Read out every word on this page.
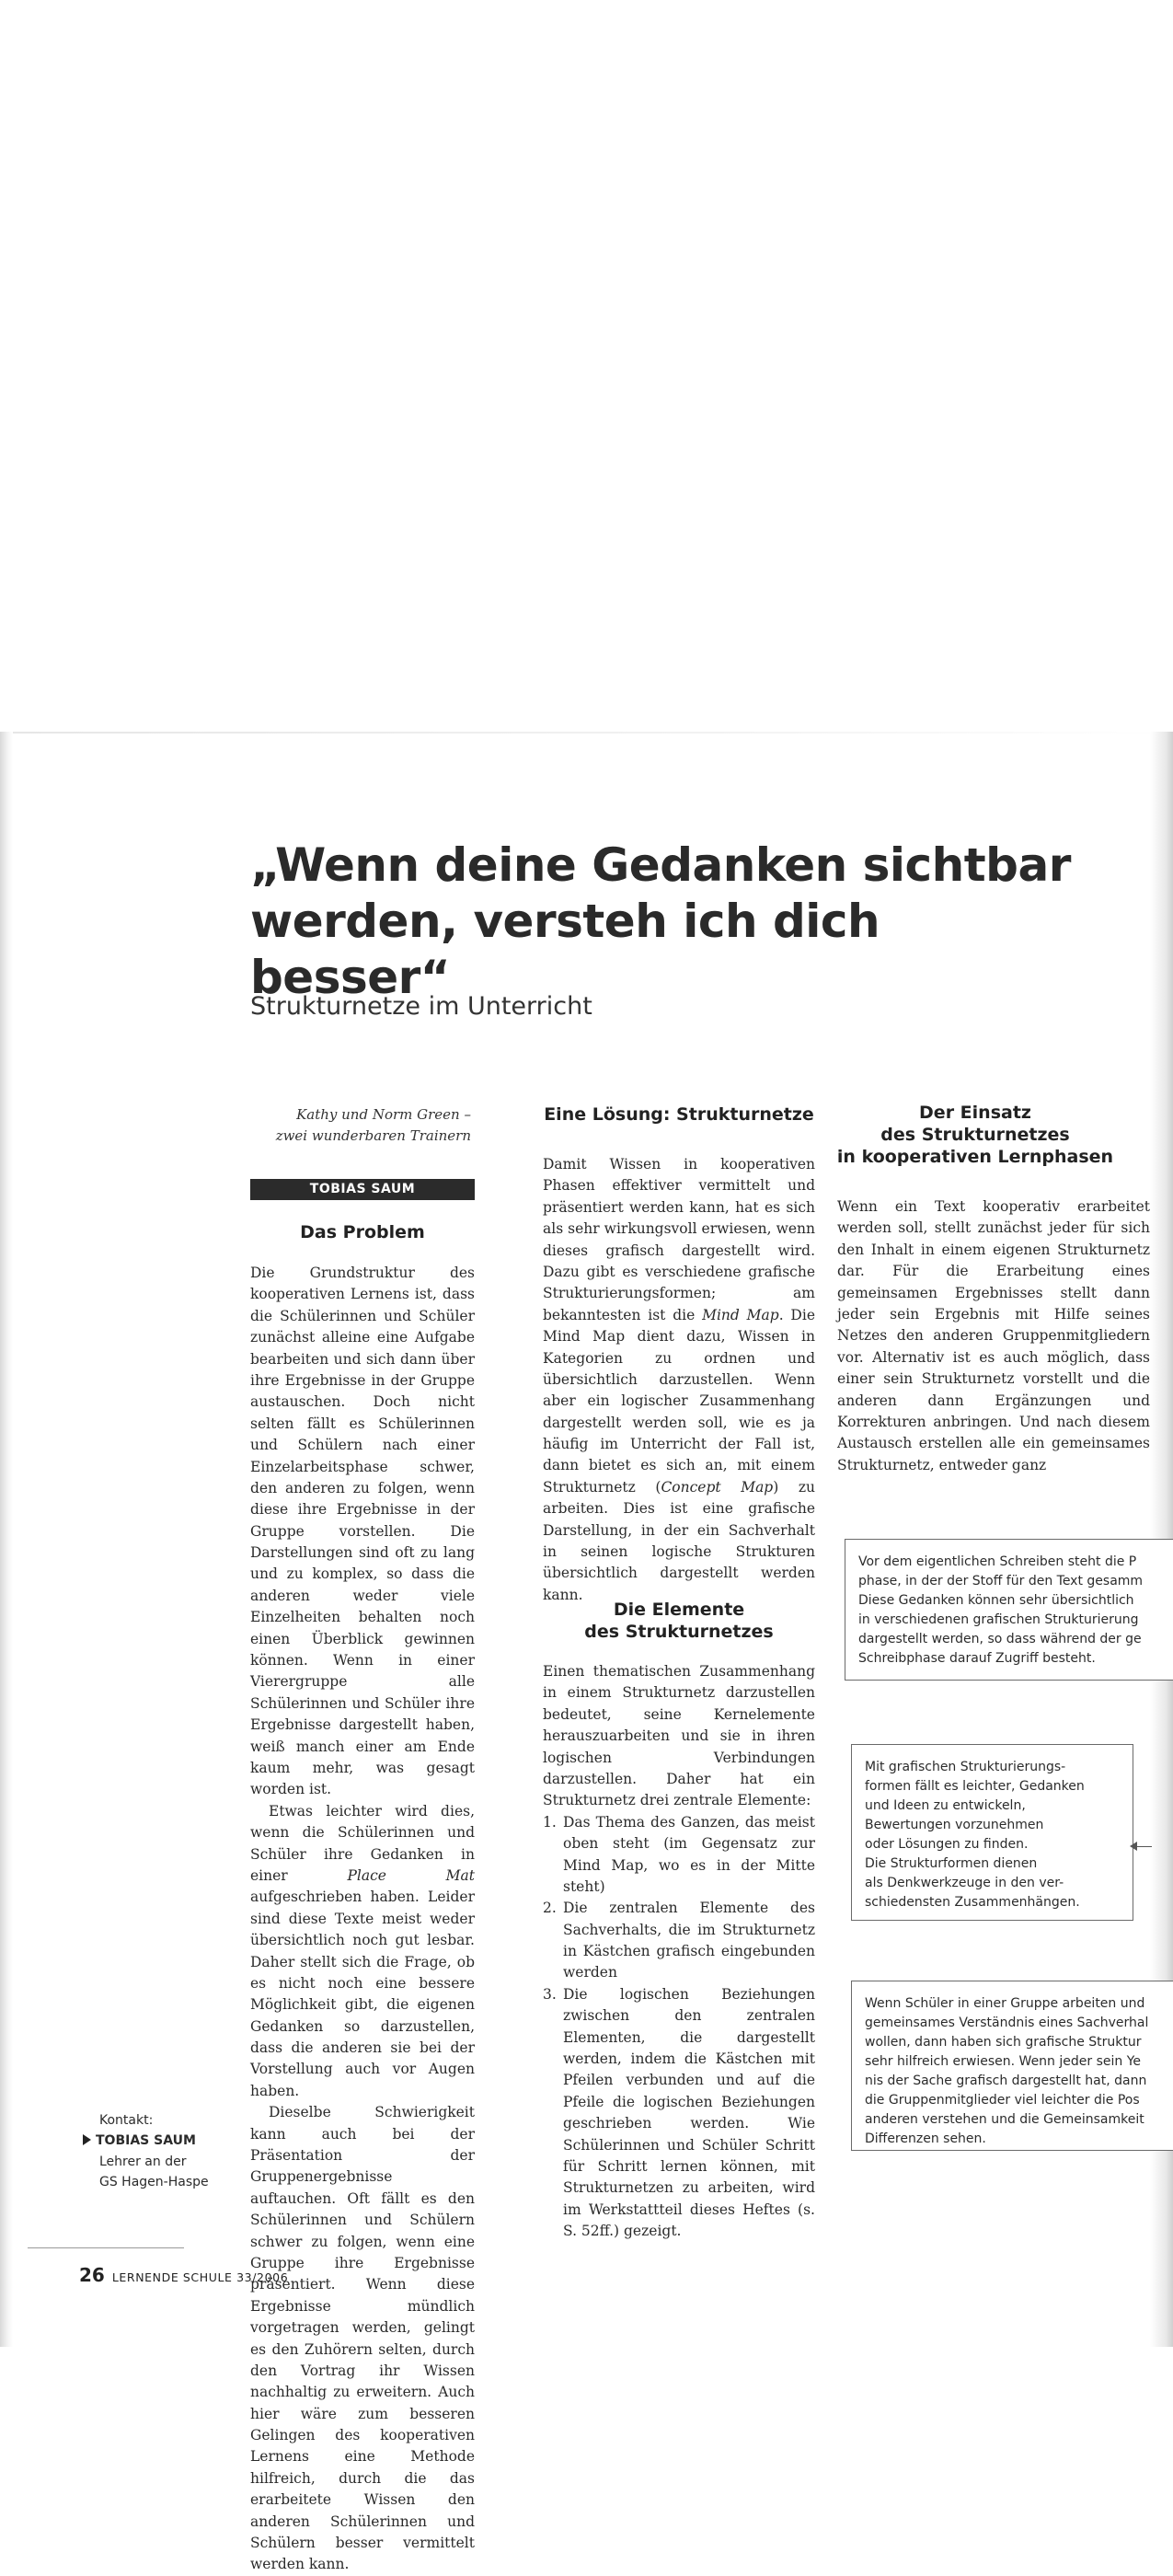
„Wenn deine Gedanken sichtbar
werden, versteh ich dich besser“
Strukturnetze im Unterricht
Kathy und Norm Green –
zwei wunderbaren Trainern
TOBIAS SAUM
Das Problem

Die Grundstruktur des kooperativen Lernens ist, dass die Schülerinnen und Schüler zunächst alleine eine Aufgabe bearbeiten und sich dann über ihre Ergebnisse in der Gruppe austauschen. Doch nicht selten fällt es Schülerinnen und Schülern nach einer Einzelarbeitsphase schwer, den anderen zu folgen, wenn diese ihre Ergebnisse in der Gruppe vorstellen. Die Darstellungen sind oft zu lang und zu komplex, so dass die anderen weder viele Einzelheiten behalten noch einen Überblick gewinnen können. Wenn in einer Vierergruppe alle Schülerinnen und Schüler ihre Ergebnisse dargestellt haben, weiß manch einer am Ende kaum mehr, was gesagt worden ist.

Etwas leichter wird dies, wenn die Schülerinnen und Schüler ihre Gedanken in einer Place Mat aufgeschrieben haben. Leider sind diese Texte meist weder übersichtlich noch gut lesbar. Daher stellt sich die Frage, ob es nicht noch eine bessere Möglichkeit gibt, die eigenen Gedanken so darzustellen, dass die anderen sie bei der Vorstellung auch vor Augen haben.

Dieselbe Schwierigkeit kann auch bei der Präsentation der Gruppenergebnisse auftauchen. Oft fällt es den Schülerinnen und Schülern schwer zu folgen, wenn eine Gruppe ihre Ergebnisse präsentiert. Wenn diese Ergebnisse mündlich vorgetragen werden, gelingt es den Zuhörern selten, durch den Vortrag ihr Wissen nachhaltig zu erweitern. Auch hier wäre zum besseren Gelingen des kooperativen Lernens eine Methode hilfreich, durch die das erarbeitete Wissen den anderen Schülerinnen und Schülern besser vermittelt werden kann.

Eine Lösung: Strukturnetze

Damit Wissen in kooperativen Phasen effektiver vermittelt und präsentiert werden kann, hat es sich als sehr wirkungsvoll erwiesen, wenn dieses grafisch dargestellt wird. Dazu gibt es verschiedene grafische Strukturierungsformen; am bekanntesten ist die Mind Map. Die Mind Map dient dazu, Wissen in Kategorien zu ordnen und übersichtlich darzustellen. Wenn aber ein logischer Zusammenhang dargestellt werden soll, wie es ja häufig im Unterricht der Fall ist, dann bietet es sich an, mit einem Strukturnetz (Concept Map) zu arbeiten. Dies ist eine grafische Darstellung, in der ein Sachverhalt in seinen logische Strukturen übersichtlich dargestellt werden kann.

Die Elemente
des Strukturnetzes

Einen thematischen Zusammenhang in einem Strukturnetz darzustellen bedeutet, seine Kernelemente herauszuarbeiten und sie in ihren logischen Verbindungen darzustellen. Daher hat ein Strukturnetz drei zentrale Elemente:

1. Das Thema des Ganzen, das meist oben steht (im Gegensatz zur Mind Map, wo es in der Mitte steht)
2. Die zentralen Elemente des Sachverhalts, die im Strukturnetz in Kästchen grafisch eingebunden werden
3. Die logischen Beziehungen zwischen den zentralen Elementen, die dargestellt werden, indem die Kästchen mit Pfeilen verbunden und auf die Pfeile die logischen Beziehungen geschrieben werden. Wie Schülerinnen und Schüler Schritt für Schritt lernen können, mit Strukturnetzen zu arbeiten, wird im Werkstattteil dieses Heftes (s. S. 52ff.) gezeigt.
Der Einsatz
des Strukturnetzes
in kooperativen Lernphasen

Wenn ein Text kooperativ erarbeitet werden soll, stellt zunächst jeder für sich den Inhalt in einem eigenen Strukturnetz dar. Für die Erarbeitung eines gemeinsamen Ergebnisses stellt dann jeder sein Ergebnis mit Hilfe seines Netzes den anderen Gruppenmitgliedern vor. Alternativ ist es auch möglich, dass einer sein Strukturnetz vorstellt und die anderen dann Ergänzungen und Korrekturen anbringen. Und nach diesem Austausch erstellen alle ein gemeinsames Strukturnetz, entweder ganz

Vor dem eigentlichen Schreiben steht die P
phase, in der der Stoff für den Text gesamm
Diese Gedanken können sehr übersichtlich
in verschiedenen grafischen Strukturierung
dargestellt werden, so dass während der ge
Schreibphase darauf Zugriff besteht.
Mit grafischen Strukturierungs-
formen fällt es leichter, Gedanken
und Ideen zu entwickeln,
Bewertungen vorzunehmen
oder Lösungen zu finden.
Die Strukturformen dienen
als Denkwerkzeuge in den ver-
schiedensten Zusammenhängen.
Wenn Schüler in einer Gruppe arbeiten und
gemeinsames Verständnis eines Sachverhal
wollen, dann haben sich grafische Struktur
sehr hilfreich erwiesen. Wenn jeder sein Ye
nis der Sache grafisch dargestellt hat, dann
die Gruppenmitglieder viel leichter die Pos
anderen verstehen und die Gemeinsamkeit
Differenzen sehen.
Kontakt:
TOBIAS SAUM
Lehrer an der
GS Hagen-Haspe
26 LERNENDE SCHULE 33/2006
